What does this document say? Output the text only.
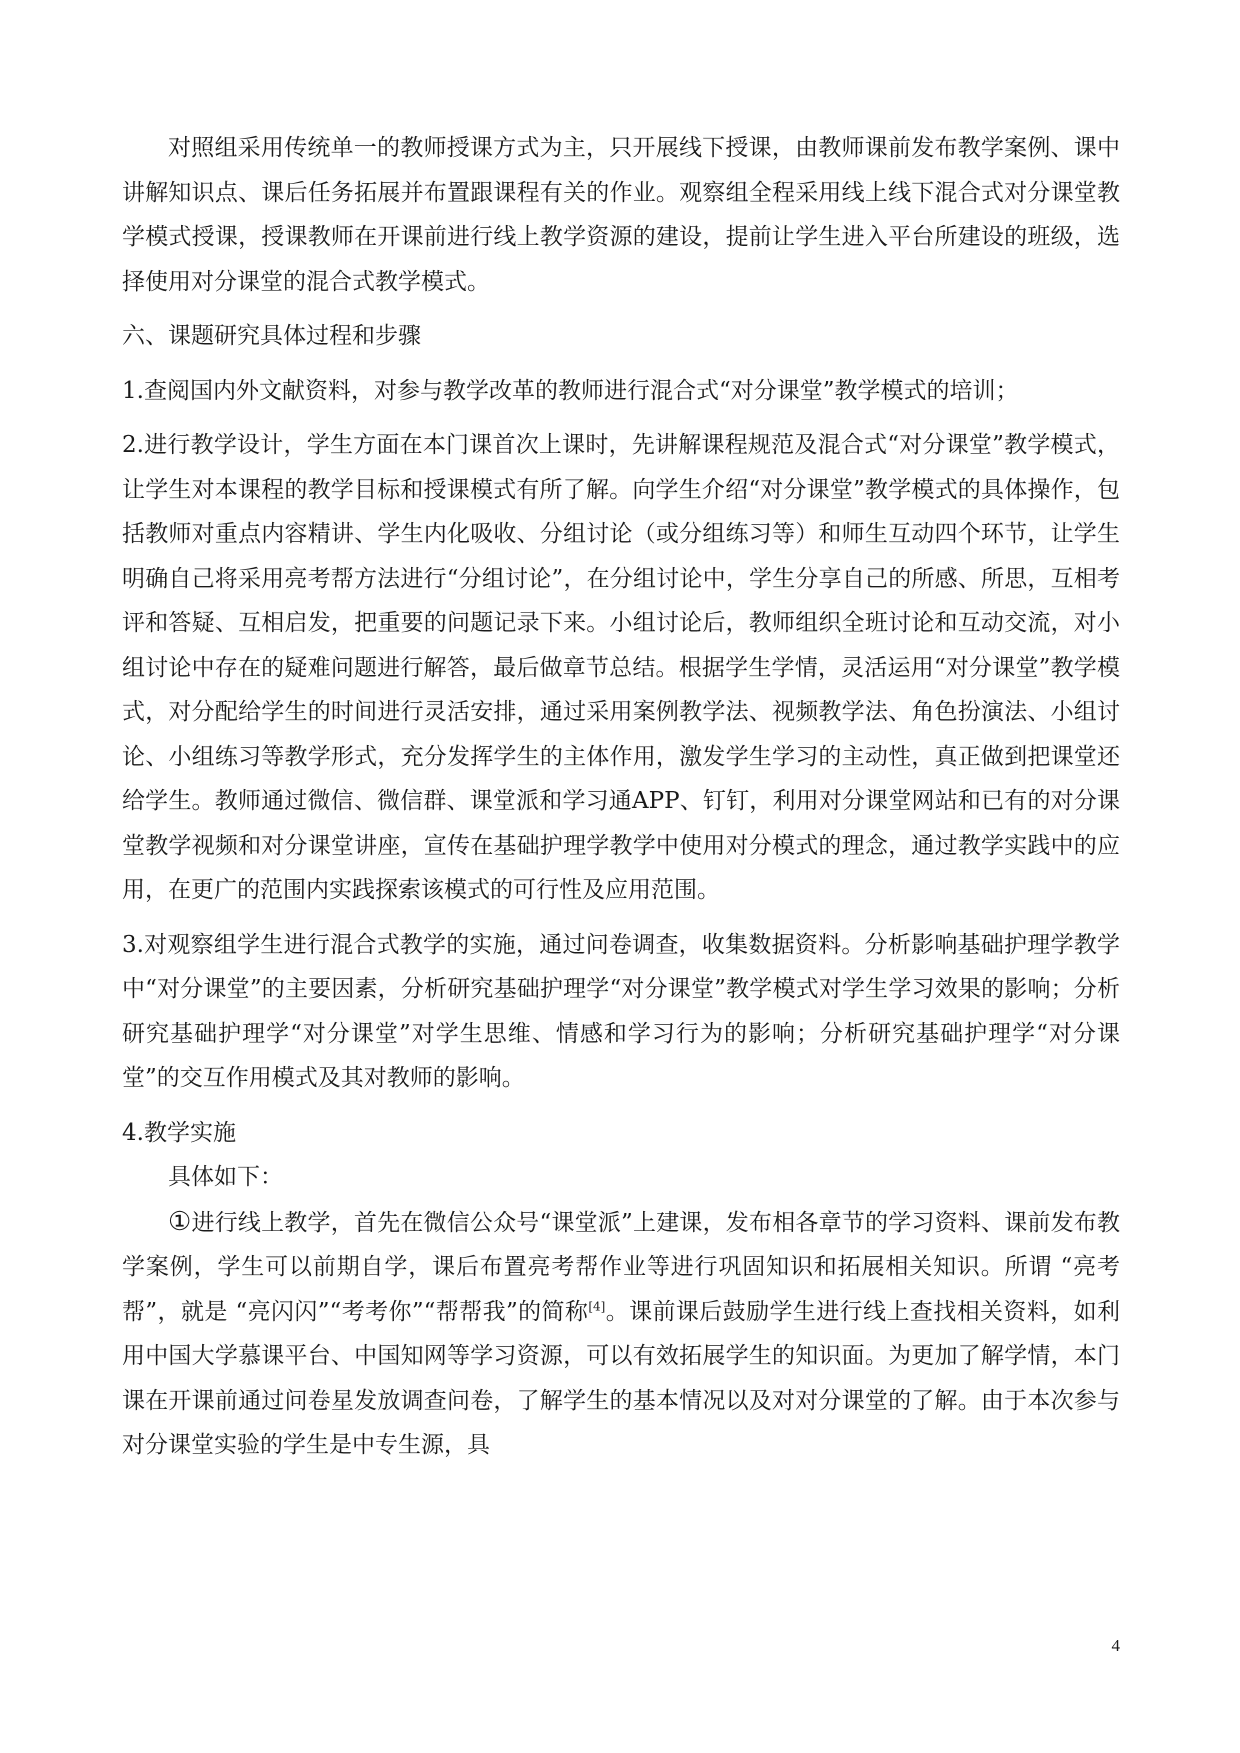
对照组采用传统单一的教师授课方式为主，只开展线下授课，由教师课前发布教学案例、课中讲解知识点、课后任务拓展并布置跟课程有关的作业。观察组全程采用线上线下混合式对分课堂教学模式授课，授课教师在开课前进行线上教学资源的建设，提前让学生进入平台所建设的班级，选择使用对分课堂的混合式教学模式。

六、课题研究具体过程和步骤

1.查阅国内外文献资料，对参与教学改革的教师进行混合式“对分课堂”教学模式的培训；

2.进行教学设计，学生方面在本门课首次上课时，先讲解课程规范及混合式“对分课堂”教学模式，让学生对本课程的教学目标和授课模式有所了解。向学生介绍“对分课堂”教学模式的具体操作，包括教师对重点内容精讲、学生内化吸收、分组讨论（或分组练习等）和师生互动四个环节，让学生明确自己将采用亮考帮方法进行“分组讨论”，在分组讨论中，学生分享自己的所感、所思，互相考评和答疑、互相启发，把重要的问题记录下来。小组讨论后，教师组织全班讨论和互动交流，对小组讨论中存在的疑难问题进行解答，最后做章节总结。根据学生学情，灵活运用“对分课堂”教学模式，对分配给学生的时间进行灵活安排，通过采用案例教学法、视频教学法、角色扮演法、小组讨论、小组练习等教学形式，充分发挥学生的主体作用，激发学生学习的主动性，真正做到把课堂还给学生。教师通过微信、微信群、课堂派和学习通APP、钉钉，利用对分课堂网站和已有的对分课堂教学视频和对分课堂讲座，宣传在基础护理学教学中使用对分模式的理念，通过教学实践中的应用，在更广的范围内实践探索该模式的可行性及应用范围。

3.对观察组学生进行混合式教学的实施，通过问卷调查，收集数据资料。分析影响基础护理学教学中“对分课堂”的主要因素，分析研究基础护理学“对分课堂”教学模式对学生学习效果的影响；分析研究基础护理学“对分课堂”对学生思维、情感和学习行为的影响；分析研究基础护理学“对分课堂”的交互作用模式及其对教师的影响。

4.教学实施

具体如下：

①进行线上教学，首先在微信公众号“课堂派”上建课，发布相各章节的学习资料、课前发布教学案例，学生可以前期自学，课后布置亮考帮作业等进行巩固知识和拓展相关知识。所谓 “亮考帮”，就是 “亮闪闪”“考考你”“帮帮我”的简称[4]。课前课后鼓励学生进行线上查找相关资料，如利用中国大学慕课平台、中国知网等学习资源，可以有效拓展学生的知识面。为更加了解学情，本门课在开课前通过问卷星发放调查问卷，了解学生的基本情况以及对对分课堂的了解。由于本次参与对分课堂实验的学生是中专生源，具

4
